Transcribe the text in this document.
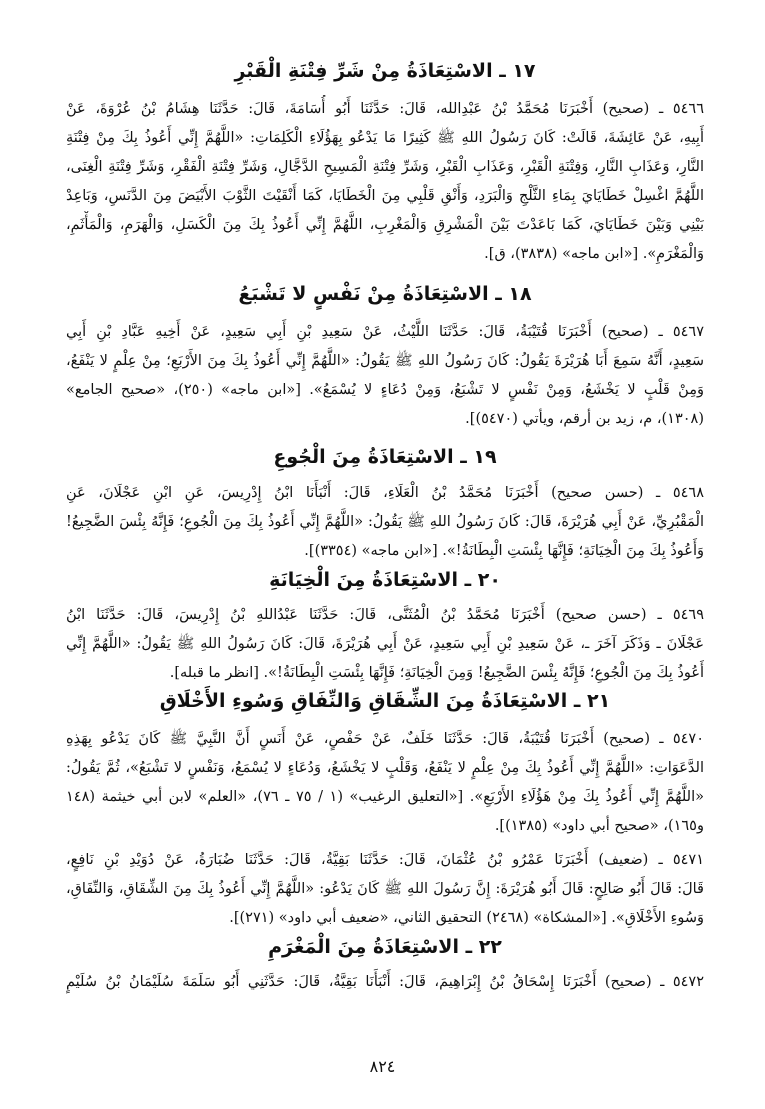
١٧ ـ الاسْتِعَاذَةُ مِنْ شَرِّ فِتْنَةِ الْقَبْرِ
٥٤٦٦ ـ (صحيح) أَخْبَرَنَا مُحَمَّدُ بْنُ عَبْدِالله، قَالَ: حَدَّثَنَا أَبُو أُسَامَةَ، قَالَ: حَدَّثَنَا هِشَامُ بْنُ عُرْوَةَ، عَنْ
أَبِيهِ، عَنْ عَائِشَةَ، قَالَتْ: كَانَ رَسُولُ اللهِ ﷺ كَثِيرًا مَا يَدْعُو بِهَؤُلَاءِ الْكَلِمَاتِ: «اللَّهُمَّ إِنِّي أَعُوذُ بِكَ مِنْ فِتْنَةِ
النَّارِ، وَعَذَابِ النَّارِ، وَفِتْنَةِ الْقَبْرِ، وَعَذَابِ الْقَبْرِ، وَشَرِّ فِتْنَةِ الْمَسِيحِ الدَّجَّالِ، وَشَرِّ فِتْنَةِ الْفَقْرِ، وَشَرِّ فِتْنَةِ الْغِنَى،
اللَّهُمَّ اغْسِلْ خَطَايَايَ بِمَاءِ الثَّلْجِ وَالْبَرَدِ، وَأَنْقِ قَلْبِي مِنَ الْخَطَايَا، كَمَا أَنْقَيْتَ الثَّوْبَ الأَبْيَضَ مِنَ الدَّنَسِ، وَبَاعِدْ
بَيْنِي وَبَيْنَ خَطَايَايَ، كَمَا بَاعَدْتَ بَيْنَ الْمَشْرِقِ وَالْمَغْرِبِ، اللَّهُمَّ إِنِّي أَعُوذُ بِكَ مِنَ الْكَسَلِ، وَالْهَرَمِ، وَالْمَأْثَمِ،
وَالْمَغْرَمِ». [«ابن ماجه» (٣٨٣٨)، ق].
١٨ ـ الاسْتِعَاذَةُ مِنْ نَفْسٍ لا تَشْبَعُ
٥٤٦٧ ـ (صحيح) أَخْبَرَنَا قُتَيْبَةُ، قَالَ: حَدَّثَنَا اللَّيْثُ، عَنْ سَعِيدِ بْنِ أَبِي سَعِيدٍ، عَنْ أَخِيهِ عَبَّادِ بْنِ أَبِي
سَعِيدٍ، أَنَّهُ سَمِعَ أَبَا هُرَيْرَةَ يَقُولُ: كَانَ رَسُولُ اللهِ ﷺ يَقُولُ: «اللَّهُمَّ إِنِّي أَعُوذُ بِكَ مِنَ الأَرْبَعِ؛ مِنْ عِلْمٍ لا يَنْفَعُ،
وَمِنْ قَلْبٍ لا يَخْشَعُ، وَمِنْ نَفْسٍ لا تَشْبَعُ، وَمِنْ دُعَاءٍ لا يُسْمَعُ». [«ابن ماجه» (٢٥٠)، «صحيح الجامع»
(١٣٠٨)، م، زيد بن أرقم، ويأتي (٥٤٧٠)].
١٩ ـ الاسْتِعَاذَةُ مِنَ الْجُوعِ
٥٤٦٨ ـ (حسن صحيح) أَخْبَرَنَا مُحَمَّدُ بْنُ الْعَلَاءِ، قَالَ: أَنْبَأَنَا ابْنُ إِدْرِيسَ، عَنِ ابْنِ عَجْلَانَ، عَنِ
الْمَقْبُرِيِّ، عَنْ أَبِي هُرَيْرَةَ، قَالَ: كَانَ رَسُولُ اللهِ ﷺ يَقُولُ: «اللَّهُمَّ إِنِّي أَعُوذُ بِكَ مِنَ الْجُوعِ؛ فَإِنَّهُ بِئْسَ الضَّجِيعُ!
وَأَعُوذُ بِكَ مِنَ الْخِيَانَةِ؛ فَإِنَّهَا بِئْسَتِ الْبِطَانَةُ!». [«ابن ماجه» (٣٣٥٤)].
٢٠ ـ الاسْتِعَاذَةُ مِنَ الْخِيَانَةِ
٥٤٦٩ ـ (حسن صحيح) أَخْبَرَنَا مُحَمَّدُ بْنُ الْمُثَنَّى، قَالَ: حَدَّثَنَا عَبْدُاللهِ بْنُ إِدْرِيسَ، قَالَ: حَدَّثَنَا ابْنُ
عَجْلَانَ ـ وَذَكَرَ آخَرَ ـ، عَنْ سَعِيدِ بْنِ أَبِي سَعِيدٍ، عَنْ أَبِي هُرَيْرَةَ، قَالَ: كَانَ رَسُولُ اللهِ ﷺ يَقُولُ: «اللَّهُمَّ إِنِّي
أَعُوذُ بِكَ مِنَ الْجُوعِ؛ فَإِنَّهُ بِئْسَ الضَّجِيعُ! وَمِنَ الْخِيَانَةِ؛ فَإِنَّهَا بِئْسَتِ الْبِطَانَةُ!». [انظر ما قبله].
٢١ ـ الاسْتِعَاذَةُ مِنَ الشِّقَاقِ وَالنِّفَاقِ وَسُوءِ الأَخْلَاقِ
٥٤٧٠ ـ (صحيح) أَخْبَرَنَا قُتَيْبَةُ، قَالَ: حَدَّثَنَا خَلَفٌ، عَنْ حَفْصٍ، عَنْ أَنَسٍ أَنَّ النَّبِيَّ ﷺ كَانَ يَدْعُو بِهَذِهِ
الدَّعَوَاتِ: «اللَّهُمَّ إِنِّي أَعُوذُ بِكَ مِنْ عِلْمٍ لا يَنْفَعُ، وَقَلْبٍ لا يَخْشَعُ، وَدُعَاءٍ لا يُسْمَعُ، وَنَفْسٍ لا تَشْبَعُ»، ثُمَّ يَقُولُ:
«اللَّهُمَّ إِنِّي أَعُوذُ بِكَ مِنْ هَؤُلَاءِ الأَرْبَعِ». [«التعليق الرغيب» (١ / ٧٥ ـ ٧٦)، «العلم» لابن أبي خيثمة (١٤٨
و١٦٥)، «صحيح أبي داود» (١٣٨٥)].
٥٤٧١ ـ (ضعيف) أَخْبَرَنَا عَمْرُو بْنُ عُثْمَانَ، قَالَ: حَدَّثَنَا بَقِيَّةُ، قَالَ: حَدَّثَنَا ضُبَارَةُ، عَنْ دُوَيْدِ بْنِ نَافِعٍ،
قَالَ: قَالَ أَبُو صَالِحٍ: قَالَ أَبُو هُرَيْرَةَ: إِنَّ رَسُولَ اللهِ ﷺ كَانَ يَدْعُو: «اللَّهُمَّ إِنِّي أَعُوذُ بِكَ مِنَ الشِّقَاقِ، وَالنِّفَاقِ،
وَسُوءِ الأَخْلَاقِ». [«المشكاة» (٢٤٦٨) التحقيق الثاني، «ضعيف أبي داود» (٢٧١)].
٢٢ ـ الاسْتِعَاذَةُ مِنَ الْمَغْرَمِ
٥٤٧٢ ـ (صحيح) أَخْبَرَنَا إِسْحَاقُ بْنُ إِبْرَاهِيمَ، قَالَ: أَنْبَأَنَا بَقِيَّةُ، قَالَ: حَدَّثَنِي أَبُو سَلَمَةَ سُلَيْمَانُ بْنُ سُلَيْمٍ
٨٢٤
